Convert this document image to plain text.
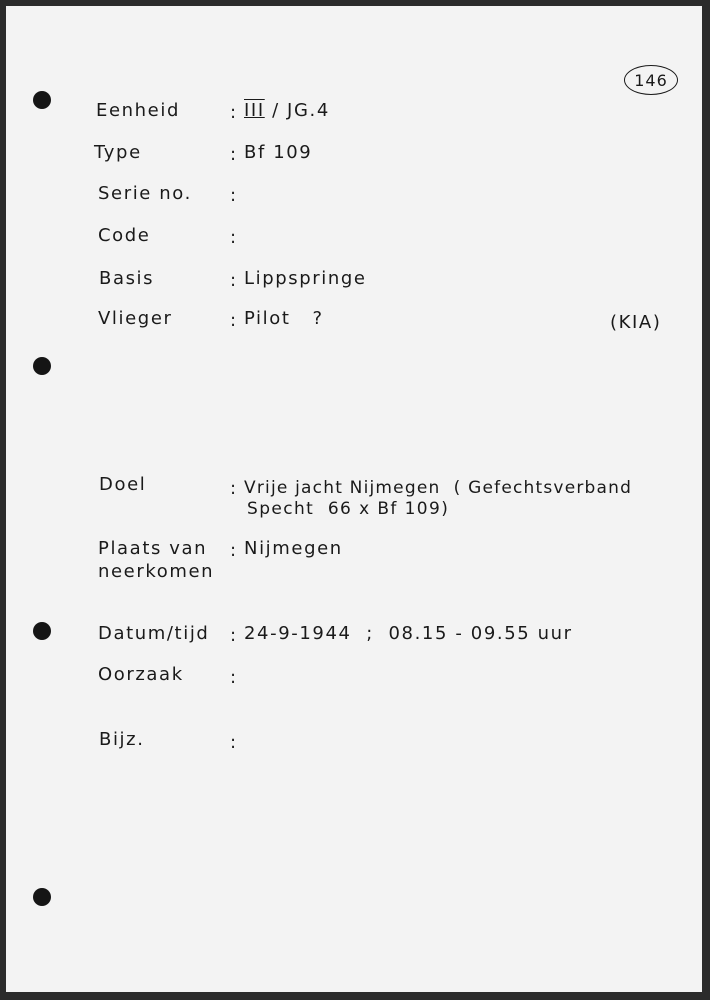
146
Eenheid	: III / JG.4
Type	: Bf 109
Serie no. :
Code	:
Basis	: Lippspringe
Vlieger	: Pilot   ?	(KIA)
Doel	: Vrije jacht Nijmegen  ( Gefechtsverband
Specht  66 x Bf 109)
Plaats van
neerkomen
: Nijmegen
Datum/tijd : 24-9-1944  ;  08.15 - 09.55 uur
Oorzaak	:
Bijz.	:
